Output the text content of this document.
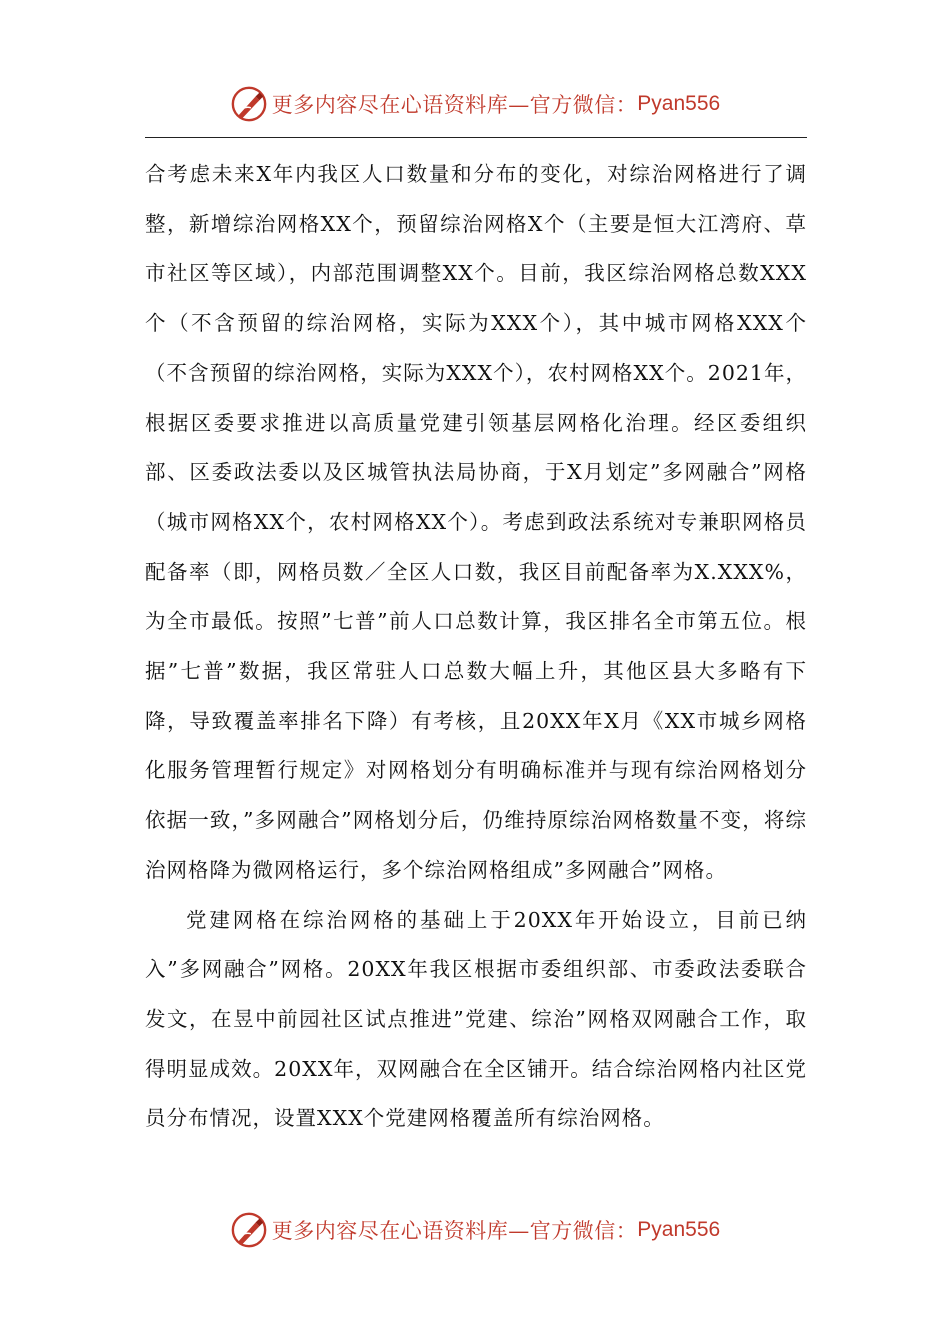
更多内容尽在心语资料库—官方微信： Pyan556

合考虑未来X年内我区人口数量和分布的变化，对综治网格进行了调整，新增综治网格XX个，预留综治网格X个（主要是恒大江湾府、草市社区等区域），内部范围调整XX个。目前，我区综治网格总数XXX个（不含预留的综治网格，实际为XXX个），其中城市网格XXX个（不含预留的综治网格，实际为XXX个），农村网格XX个。2021年，根据区委要求推进以高质量党建引领基层网格化治理。经区委组织部、区委政法委以及区城管执法局协商，于X月划定”多网融合”网格（城市网格XX个，农村网格XX个）。考虑到政法系统对专兼职网格员配备率（即，网格员数／全区人口数，我区目前配备率为X.XXX%，为全市最低。按照”七普”前人口总数计算，我区排名全市第五位。根据”七普”数据，我区常驻人口总数大幅上升，其他区县大多略有下降，导致覆盖率排名下降）有考核，且20XX年X月《XX市城乡网格化服务管理暂行规定》对网格划分有明确标准并与现有综治网格划分依据一致，”多网融合”网格划分后，仍维持原综治网格数量不变，将综治网格降为微网格运行，多个综治网格组成”多网融合”网格。

党建网格在综治网格的基础上于20XX年开始设立，目前已纳入”多网融合”网格。20XX年我区根据市委组织部、市委政法委联合发文，在昱中前园社区试点推进”党建、综治”网格双网融合工作，取得明显成效。20XX年，双网融合在全区铺开。结合综治网格内社区党员分布情况，设置XXX个党建网格覆盖所有综治网格。

更多内容尽在心语资料库—官方微信： Pyan556
